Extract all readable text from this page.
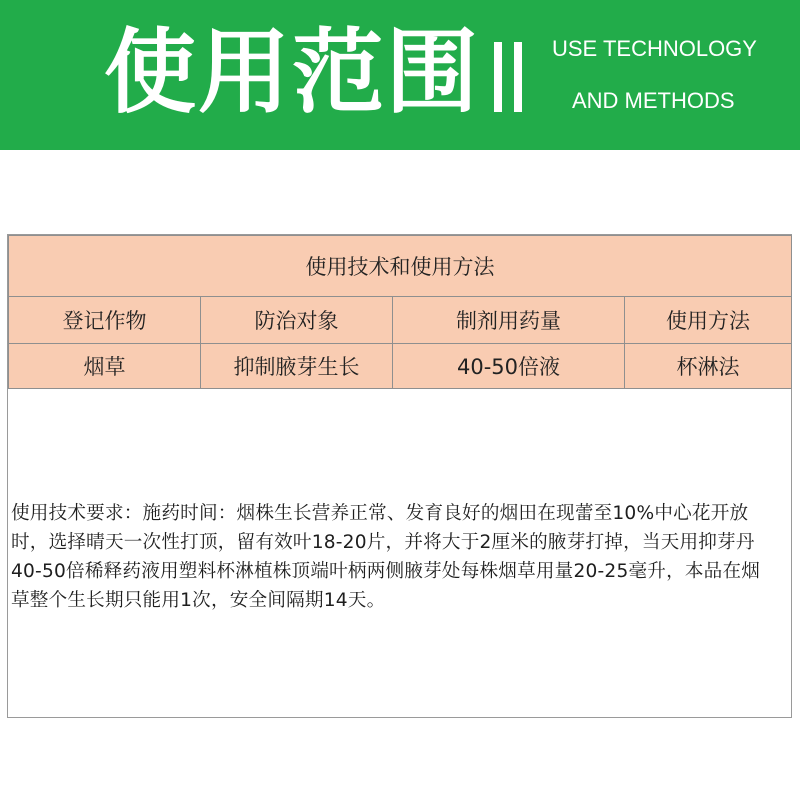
使用范围	USE TECHNOLOGY
AND METHODS
使用技术和使用方法			
登记作物	防治对象	制剂用药量	使用方法
烟草	抑制腋芽生长	40-50倍液	杯淋法
使用技术要求：施药时间：烟株生长营养正常、发育良好的烟田在现蕾至10%中心花开放
时，选择晴天一次性打顶，留有效叶18-20片，并将大于2厘米的腋芽打掉，当天用抑芽丹
40-50倍稀释药液用塑料杯淋植株顶端叶柄两侧腋芽处每株烟草用量20-25毫升，本品在烟
草整个生长期只能用1次，安全间隔期14天。
